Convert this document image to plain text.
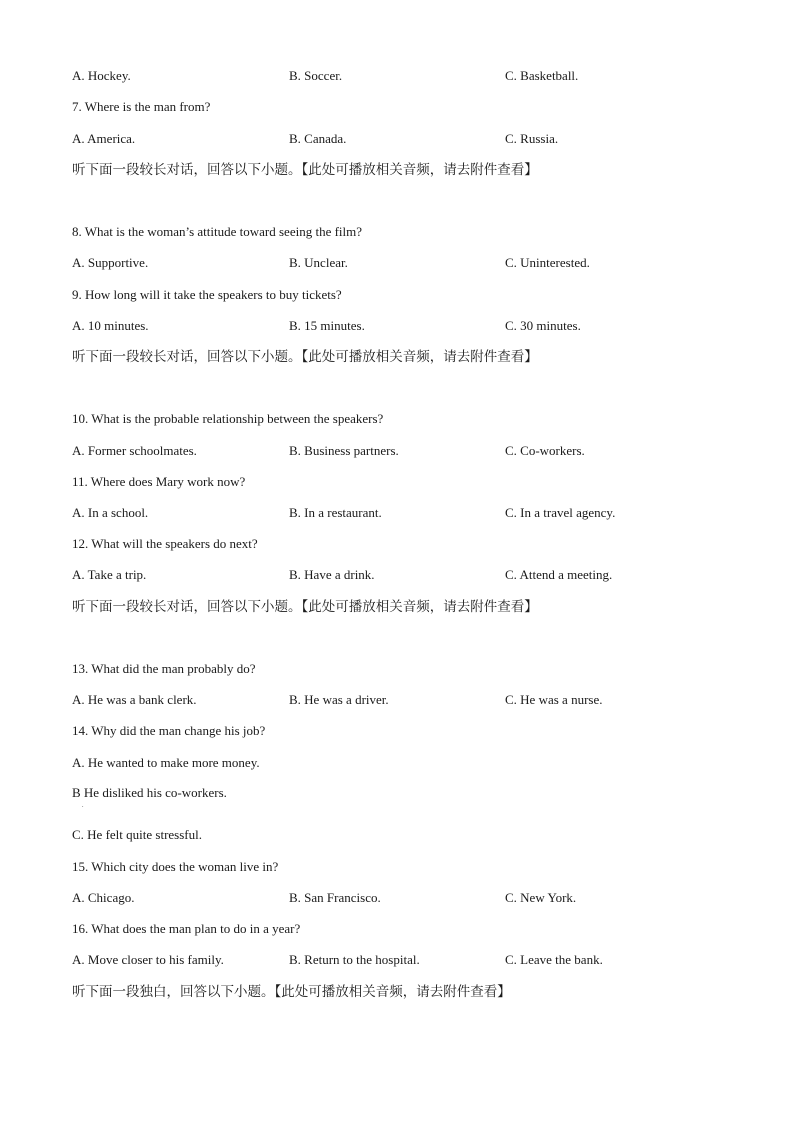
A. Hockey.	B. Soccer.	C. Basketball.
7. Where is the man from?
A. America.	B. Canada.	C. Russia.
听下面一段较长对话，回答以下小题。【此处可播放相关音频，请去附件查看】
8. What is the woman’s attitude toward seeing the film?
A. Supportive.	B. Unclear.	C. Uninterested.
9. How long will it take the speakers to buy tickets?
A. 10 minutes.	B. 15 minutes.	C. 30 minutes.
听下面一段较长对话，回答以下小题。【此处可播放相关音频，请去附件查看】
10. What is the probable relationship between the speakers?
A. Former schoolmates.	B. Business partners.	C. Co-workers.
11. Where does Mary work now?
A. In a school.	B. In a restaurant.	C. In a travel agency.
12. What will the speakers do next?
A. Take a trip.	B. Have a drink.	C. Attend a meeting.
听下面一段较长对话，回答以下小题。【此处可播放相关音频，请去附件查看】
13. What did the man probably do?
A. He was a bank clerk.	B. He was a driver.	C. He was a nurse.
14. Why did the man change his job?
A. He wanted to make more money.
B He disliked his co-workers.
.
C. He felt quite stressful.
15. Which city does the woman live in?
A. Chicago.	B. San Francisco.	C. New York.
16. What does the man plan to do in a year?
A. Move closer to his family.	B. Return to the hospital.	C. Leave the bank.
听下面一段独白，回答以下小题。【此处可播放相关音频，请去附件查看】
